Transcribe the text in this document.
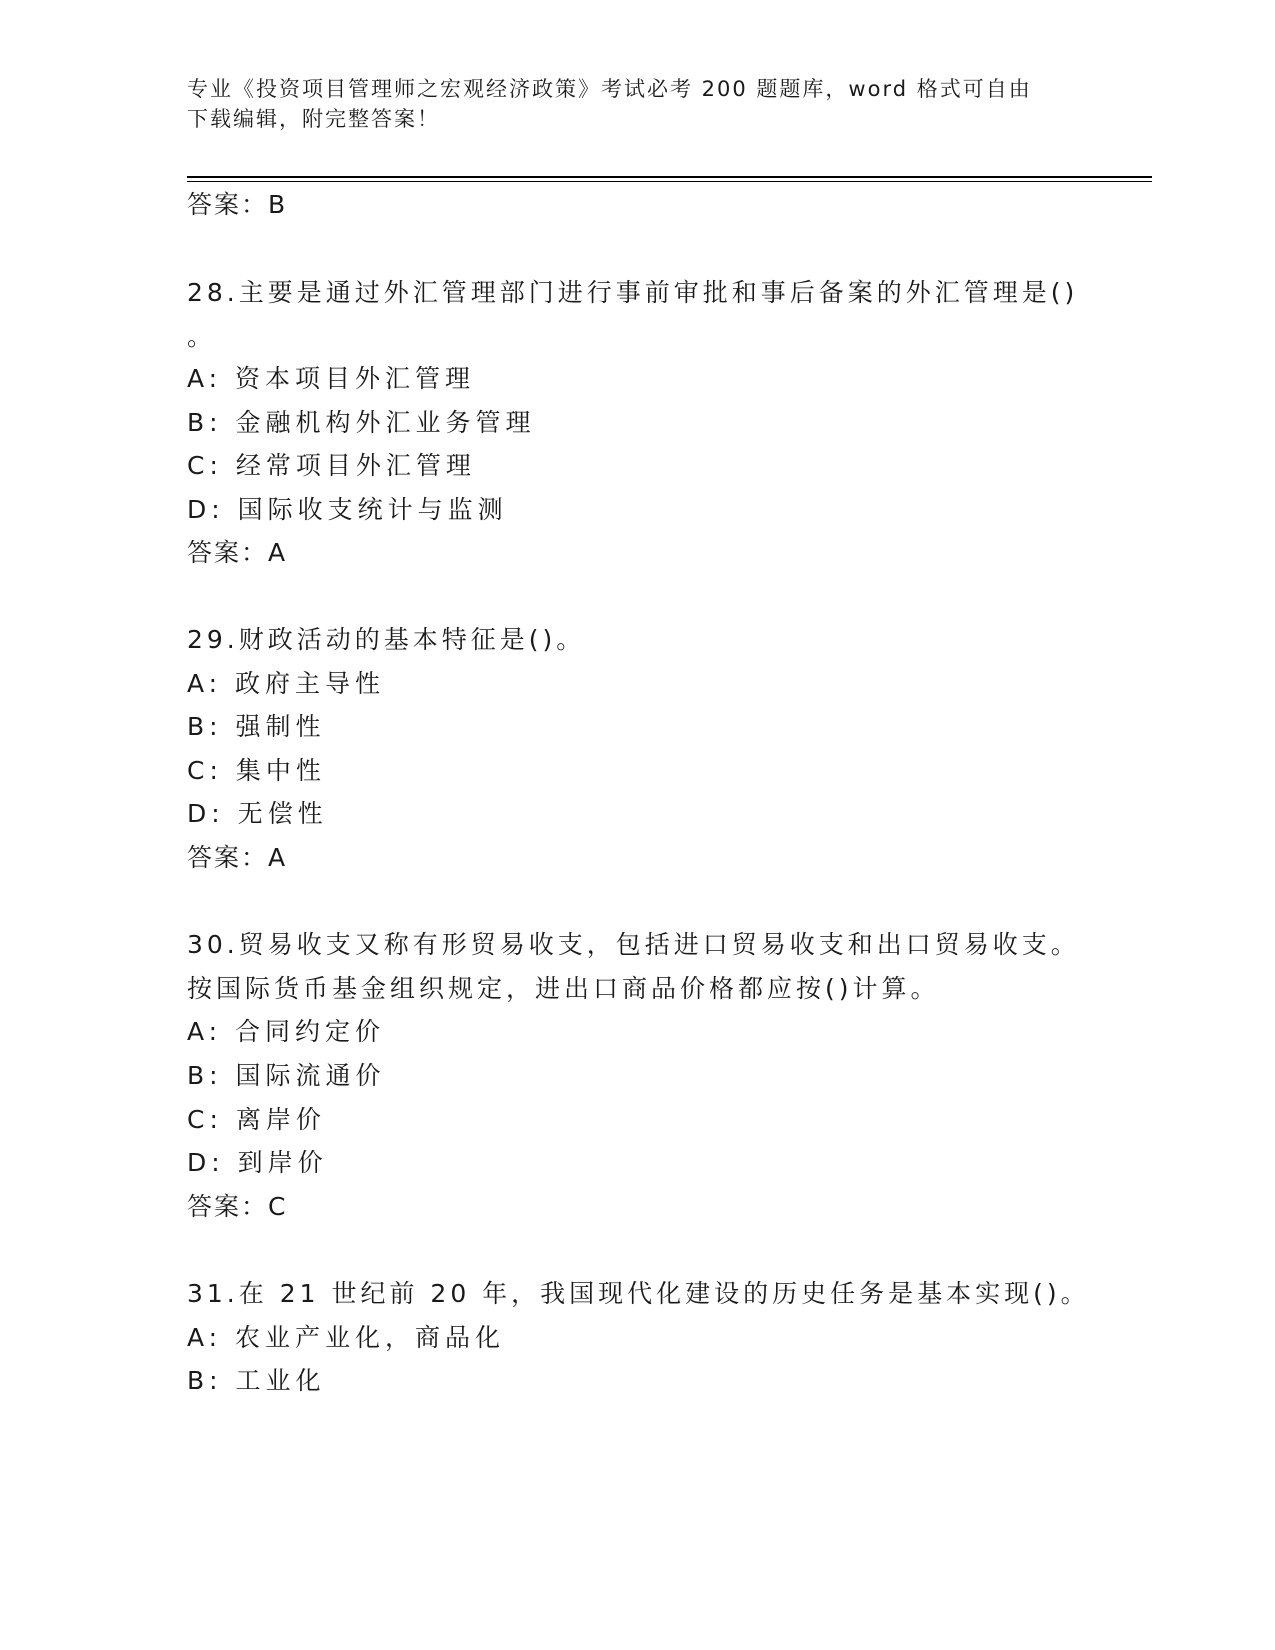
专业《投资项目管理师之宏观经济政策》考试必考 200 题题库，word 格式可自由
下载编辑，附完整答案！
答案：B
28.主要是通过外汇管理部门进行事前审批和事后备案的外汇管理是()
。
A: 资本项目外汇管理
B: 金融机构外汇业务管理
C: 经常项目外汇管理
D: 国际收支统计与监测
答案：A
29.财政活动的基本特征是()。
A: 政府主导性
B: 强制性
C: 集中性
D: 无偿性
答案：A
30.贸易收支又称有形贸易收支，包括进口贸易收支和出口贸易收支。
按国际货币基金组织规定，进出口商品价格都应按()计算。
A: 合同约定价
B: 国际流通价
C: 离岸价
D: 到岸价
答案：C
31.在 21 世纪前 20 年，我国现代化建设的历史任务是基本实现()。
A: 农业产业化，商品化
B: 工业化
